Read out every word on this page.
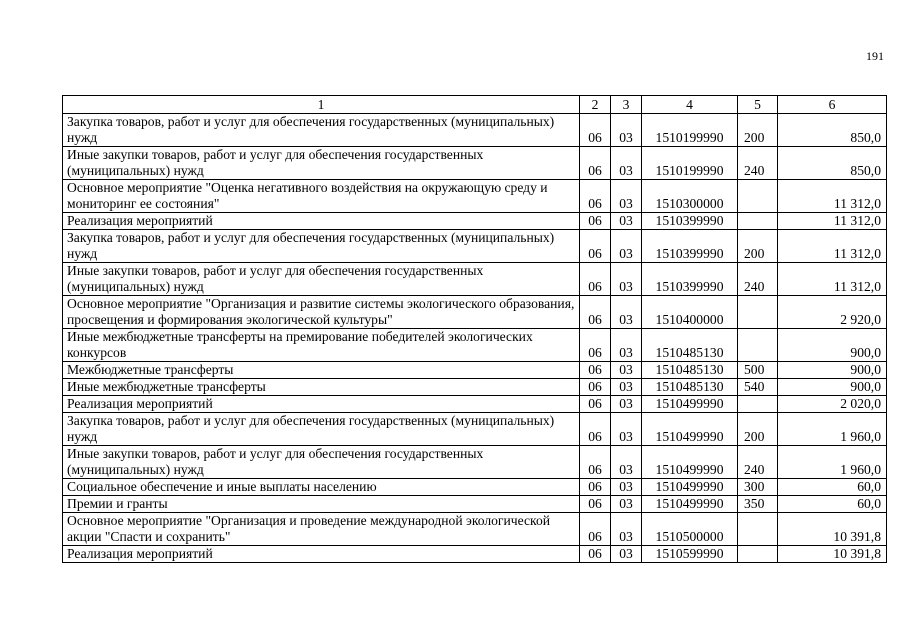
191
1	2	3	4	5	6
Закупка товаров, работ и услуг для обеспечения государственных (муниципальных) нужд	06	03	1510199990	200	850,0
Иные закупки товаров, работ и услуг для обеспечения государственных (муниципальных) нужд	06	03	1510199990	240	850,0
Основное мероприятие "Оценка негативного воздействия на окружающую среду и мониторинг ее состояния"	06	03	1510300000		11 312,0
Реализация мероприятий	06	03	1510399990		11 312,0
Закупка товаров, работ и услуг для обеспечения государственных (муниципальных) нужд	06	03	1510399990	200	11 312,0
Иные закупки товаров, работ и услуг для обеспечения государственных (муниципальных) нужд	06	03	1510399990	240	11 312,0
Основное мероприятие "Организация и развитие системы экологического образования, просвещения и формирования экологической культуры"	06	03	1510400000		2 920,0
Иные межбюджетные трансферты на премирование победителей экологических конкурсов	06	03	1510485130		900,0
Межбюджетные трансферты	06	03	1510485130	500	900,0
Иные межбюджетные трансферты	06	03	1510485130	540	900,0
Реализация мероприятий	06	03	1510499990		2 020,0
Закупка товаров, работ и услуг для обеспечения государственных (муниципальных) нужд	06	03	1510499990	200	1 960,0
Иные закупки товаров, работ и услуг для обеспечения государственных (муниципальных) нужд	06	03	1510499990	240	1 960,0
Социальное обеспечение и иные выплаты населению	06	03	1510499990	300	60,0
Премии и гранты	06	03	1510499990	350	60,0
Основное мероприятие "Организация и проведение международной экологической акции "Спасти и сохранить"	06	03	1510500000		10 391,8
Реализация мероприятий	06	03	1510599990		10 391,8
